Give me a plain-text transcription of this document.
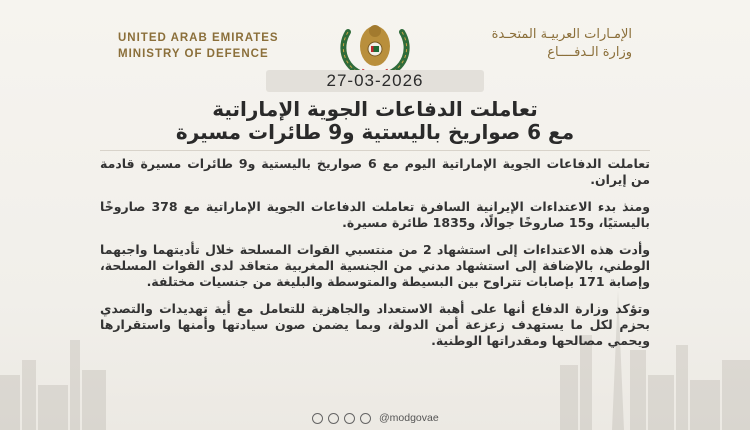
UNITED ARAB EMIRATES
MINISTRY OF DEFENCE
الإمـارات العربيـة المتحـدة
وزارة الـدفــــاع
27-03-2026
تعاملت الدفاعات الجوية الإماراتية
مع 6 صواريخ باليستية و9 طائرات مسيرة

تعاملت الدفاعات الجوية الإماراتية اليوم مع 6 صواريخ باليستية و9 طائرات مسيرة قادمة من إيران.

ومنذ بدء الاعتداءات الإيرانية السافرة تعاملت الدفاعات الجوية الإماراتية مع 378 صاروخًا باليستيًا، و15 صاروخًا جوالًا، و1835 طائرة مسيرة.

وأدت هذه الاعتداءات إلى استشهاد 2 من منتسبي القوات المسلحة خلال تأديتهما واجبهما الوطني، بالإضافة إلى استشهاد مدني من الجنسية المغربية متعاقد لدى القوات المسلحة، وإصابة 171 بإصابات تتراوح بين البسيطة والمتوسطة والبليغة من جنسيات مختلفة.

وتؤكد وزارة الدفاع أنها على أهبة الاستعداد والجاهزية للتعامل مع أية تهديدات والتصدي بحزم لكل ما يستهدف زعزعة أمن الدولة، وبما يضمن صون سيادتها وأمنها واستقرارها ويحمي مصالحها ومقدراتها الوطنية.

@modgovae
